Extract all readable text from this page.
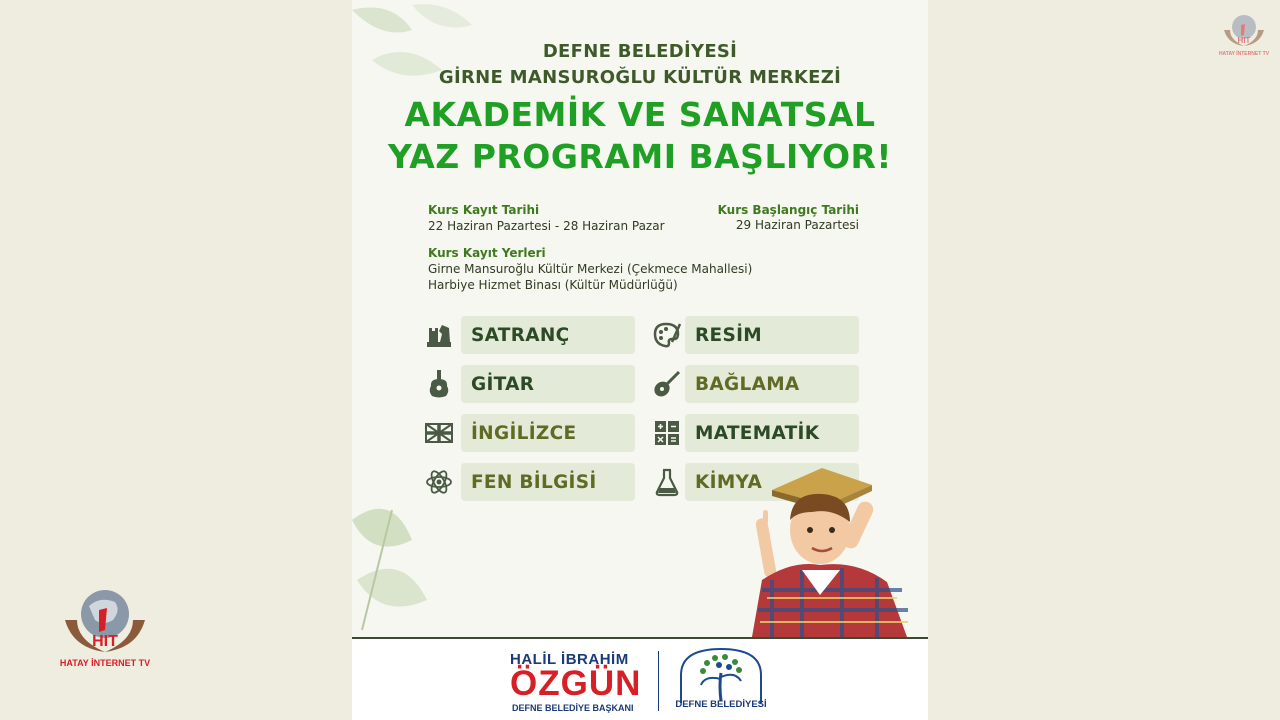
HIT
HATAY İNTERNET TV
HIT
HATAY İNTERNET TV
DEFNE BELEDİYESİ
GİRNE MANSUROĞLU KÜLTÜR MERKEZİ
AKADEMİK VE SANATSAL
YAZ PROGRAMI BAŞLIYOR!
Kurs Kayıt Tarihi
22 Haziran Pazartesi - 28 Haziran Pazar
Kurs Başlangıç Tarihi
29 Haziran Pazartesi
Kurs Kayıt Yerleri
Girne Mansuroğlu Kültür Merkezi (Çekmece Mahallesi)
Harbiye Hizmet Binası (Kültür Müdürlüğü)
SATRANÇ	RESİM
GİTAR	BAĞLAMA
İNGİLİZCE	MATEMATİK
FEN BİLGİSİ	KİMYA
HALİL İBRAHİM
ÖZGÜN
DEFNE BELEDİYE BAŞKANI	DEFNE BELEDİYESİ
